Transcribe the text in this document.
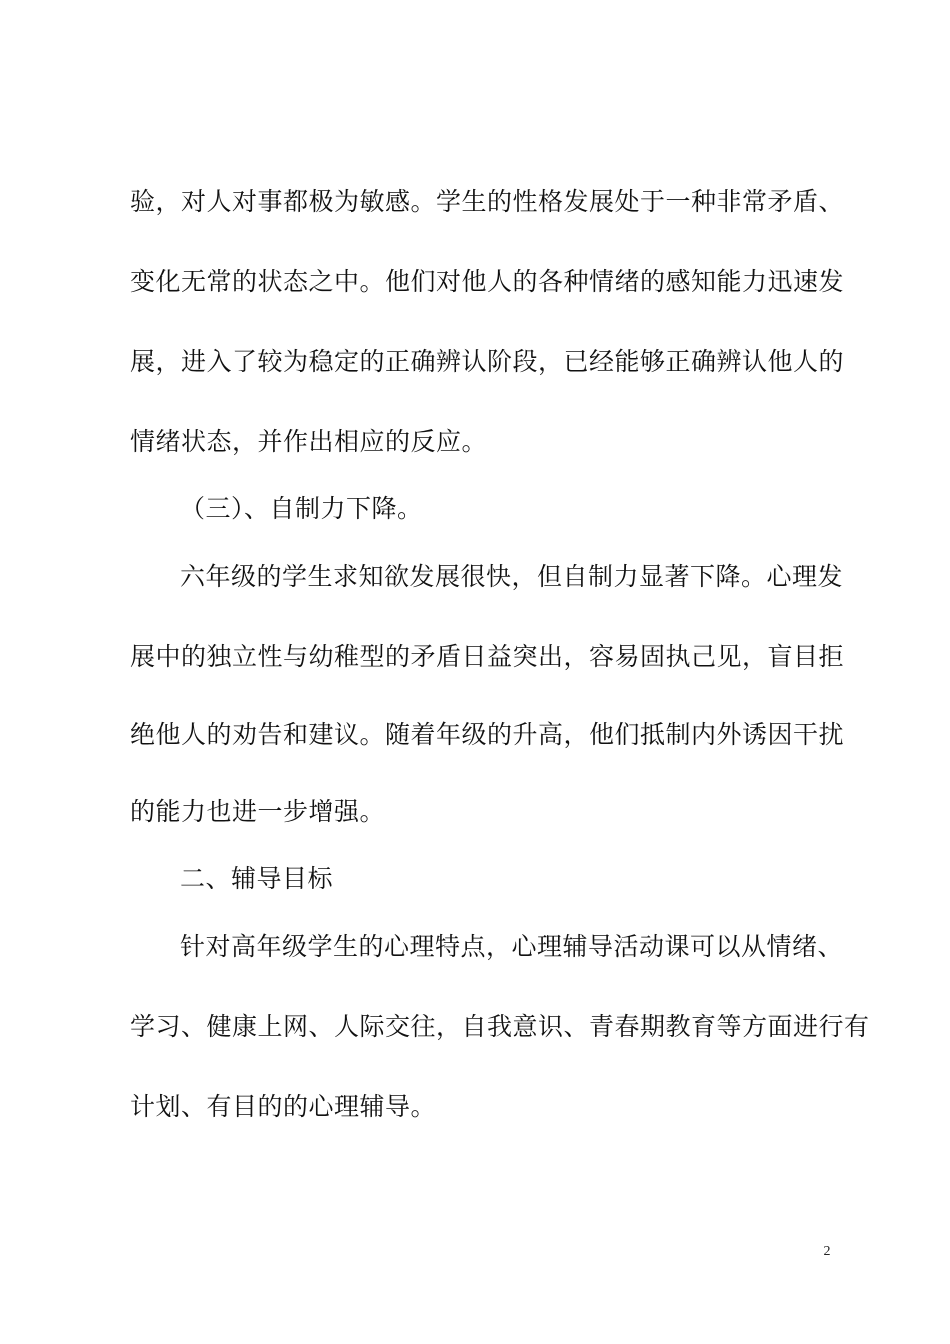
验，对人对事都极为敏感。学生的性格发展处于一种非常矛盾、
变化无常的状态之中。他们对他人的各种情绪的感知能力迅速发
展，进入了较为稳定的正确辨认阶段，已经能够正确辨认他人的
情绪状态，并作出相应的反应。
（三）、自制力下降。
六年级的学生求知欲发展很快，但自制力显著下降。心理发
展中的独立性与幼稚型的矛盾日益突出，容易固执己见，盲目拒
绝他人的劝告和建议。随着年级的升高，他们抵制内外诱因干扰
的能力也进一步增强。
二、辅导目标
针对高年级学生的心理特点，心理辅导活动课可以从情绪、
学习、健康上网、人际交往，自我意识、青春期教育等方面进行有
计划、有目的的心理辅导。
2
